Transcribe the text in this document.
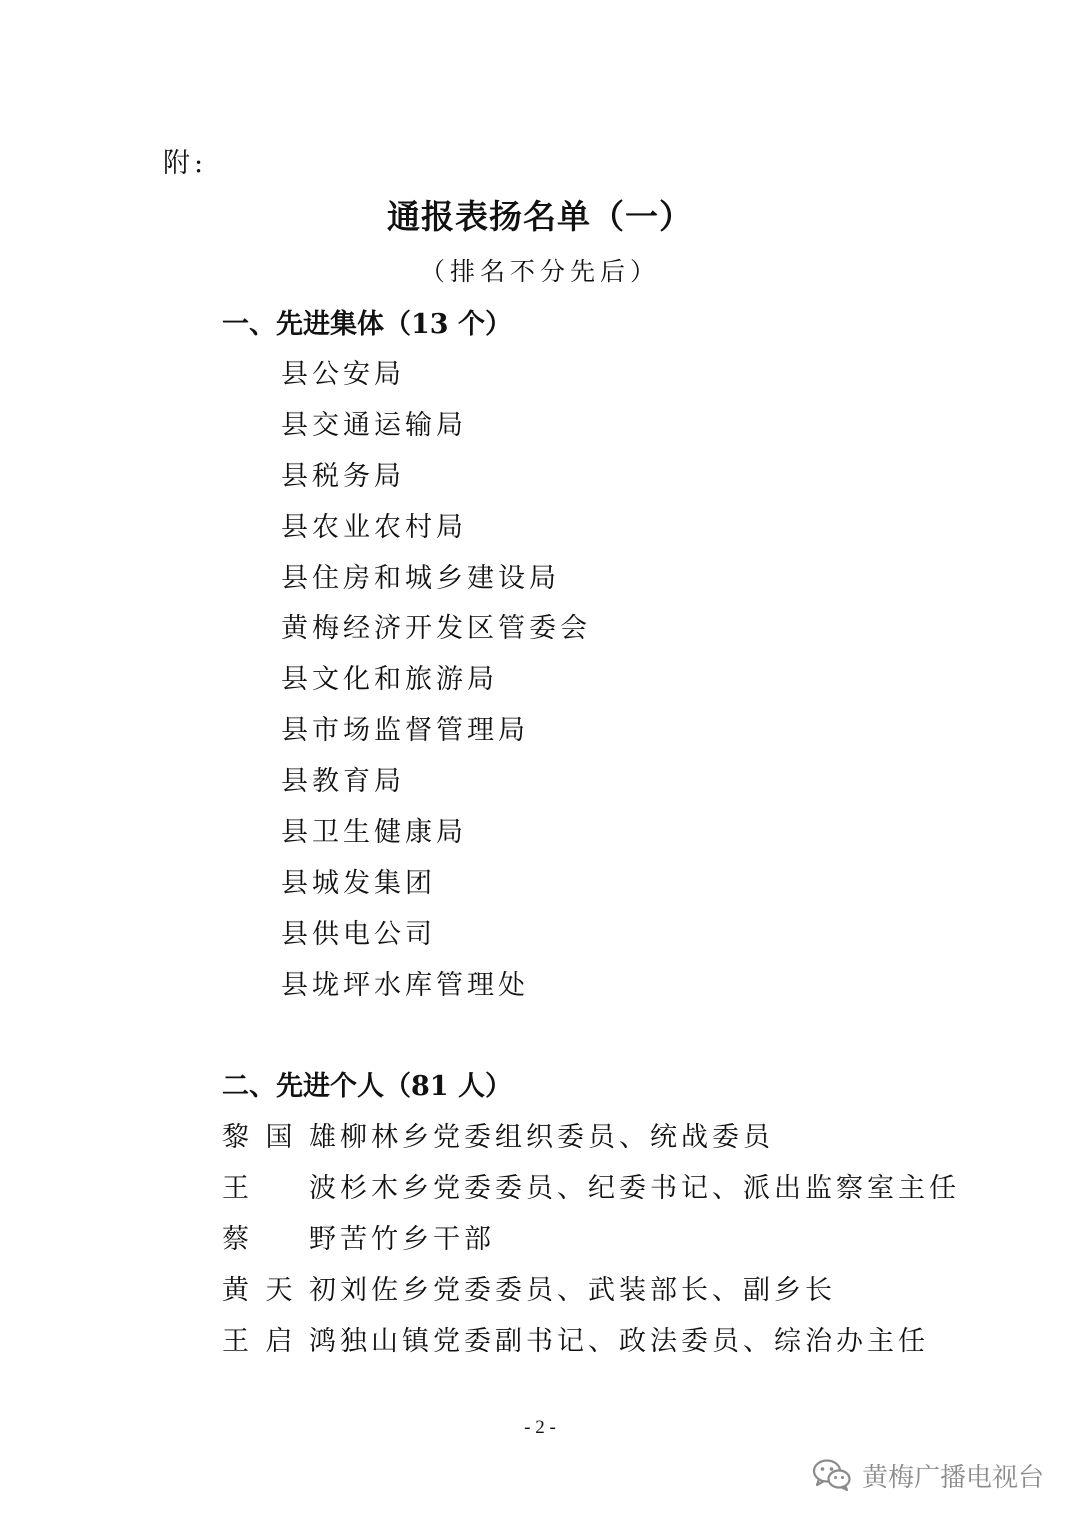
附:
通报表扬名单（一）
（排名不分先后）
一、先进集体（13 个）
县公安局
县交通运输局
县税务局
县农业农村局
县住房和城乡建设局
黄梅经济开发区管委会
县文化和旅游局
县市场监督管理局
县教育局
县卫生健康局
县城发集团
县供电公司
县垅坪水库管理处
二、先进个人（81 人）
黎国雄 柳林乡党委组织委员、统战委员
王波 杉木乡党委委员、纪委书记、派出监察室主任
蔡野 苦竹乡干部
黄天初 刘佐乡党委委员、武装部长、副乡长
王启鸿 独山镇党委副书记、政法委员、综治办主任
- 2 -
黄梅广播电视台
